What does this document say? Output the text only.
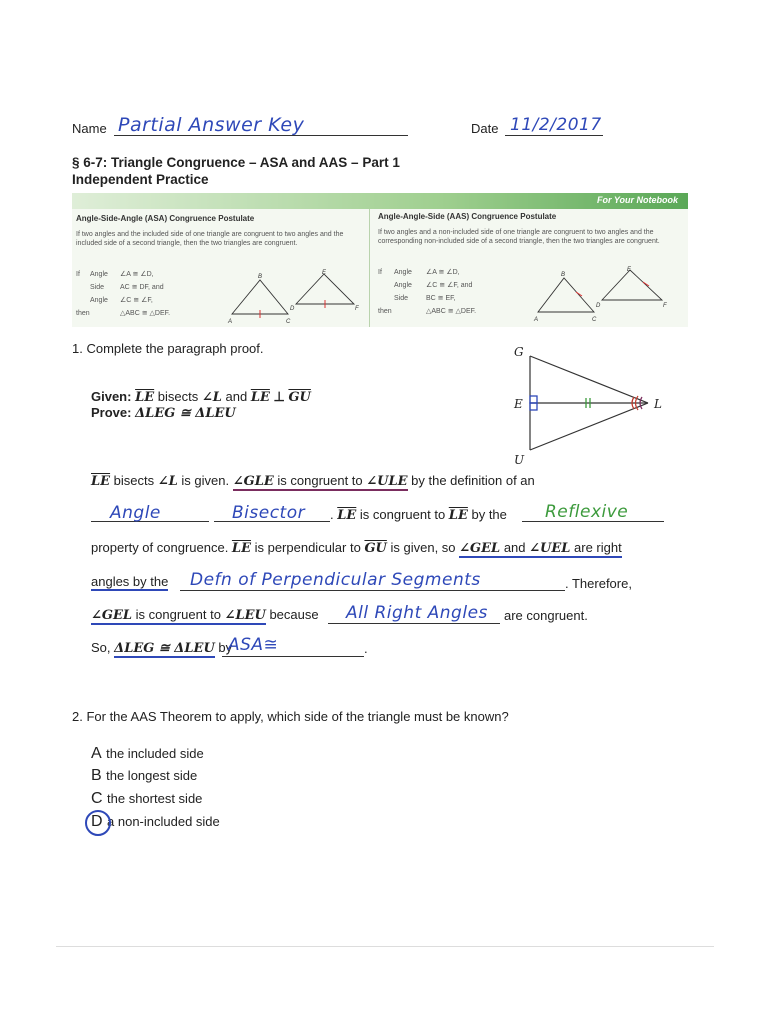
Name Partial Answer Key	Date 11/2/2017
§ 6-7: Triangle Congruence – ASA and AAS – Part 1
Independent Practice
For Your Notebook
Angle-Side-Angle (ASA) Congruence Postulate
If two angles and the included side of one triangle are congruent to two angles and the included side of a second triangle, then the two triangles are congruent.
If Angle ∠A ≅ ∠D,
Side AC ≅ DF, and
Angle ∠C ≅ ∠F,
then	△ABC ≅ △DEF.
A
B
C
D
E
F
Angle-Angle-Side (AAS) Congruence Postulate
If two angles and a non-included side of one triangle are congruent to two angles and the corresponding non-included side of a second triangle, then the two triangles are congruent.
If Angle ∠A ≅ ∠D,
Angle ∠C ≅ ∠F, and
Side	BC ≅ EF,
then	△ABC ≅ △DEF.
A
B
C
D
E
F
1. Complete the paragraph proof.
Given: $\overline{LE}$ bisects ∠L and $\overline{LE}$ ⊥ $\overline{GU}$
Prove: ΔLEG ≅ ΔLEU
G
E	L
U
$\overline{LE}$ bisects ∠L is given. ∠GLE is congruent to ∠ULE by the definition of an
Angle	Bisector . $\overline{LE}$ is congruent to $\overline{LE}$ by the Reflexive
property of congruence. $\overline{LE}$ is perpendicular to $\overline{GU}$ is given, so ∠GEL and ∠UEL are right
angles by the Defn of Perpendicular Segments	. Therefore,
∠GEL is congruent to ∠LEU because All Right Angles are congruent.
So, ΔLEG ≅ ΔLEU by
ASA≅	.
2. For the AAS Theorem to apply, which side of the triangle must be known?
A the included side
B the longest side
C the shortest side
D a non-included side
